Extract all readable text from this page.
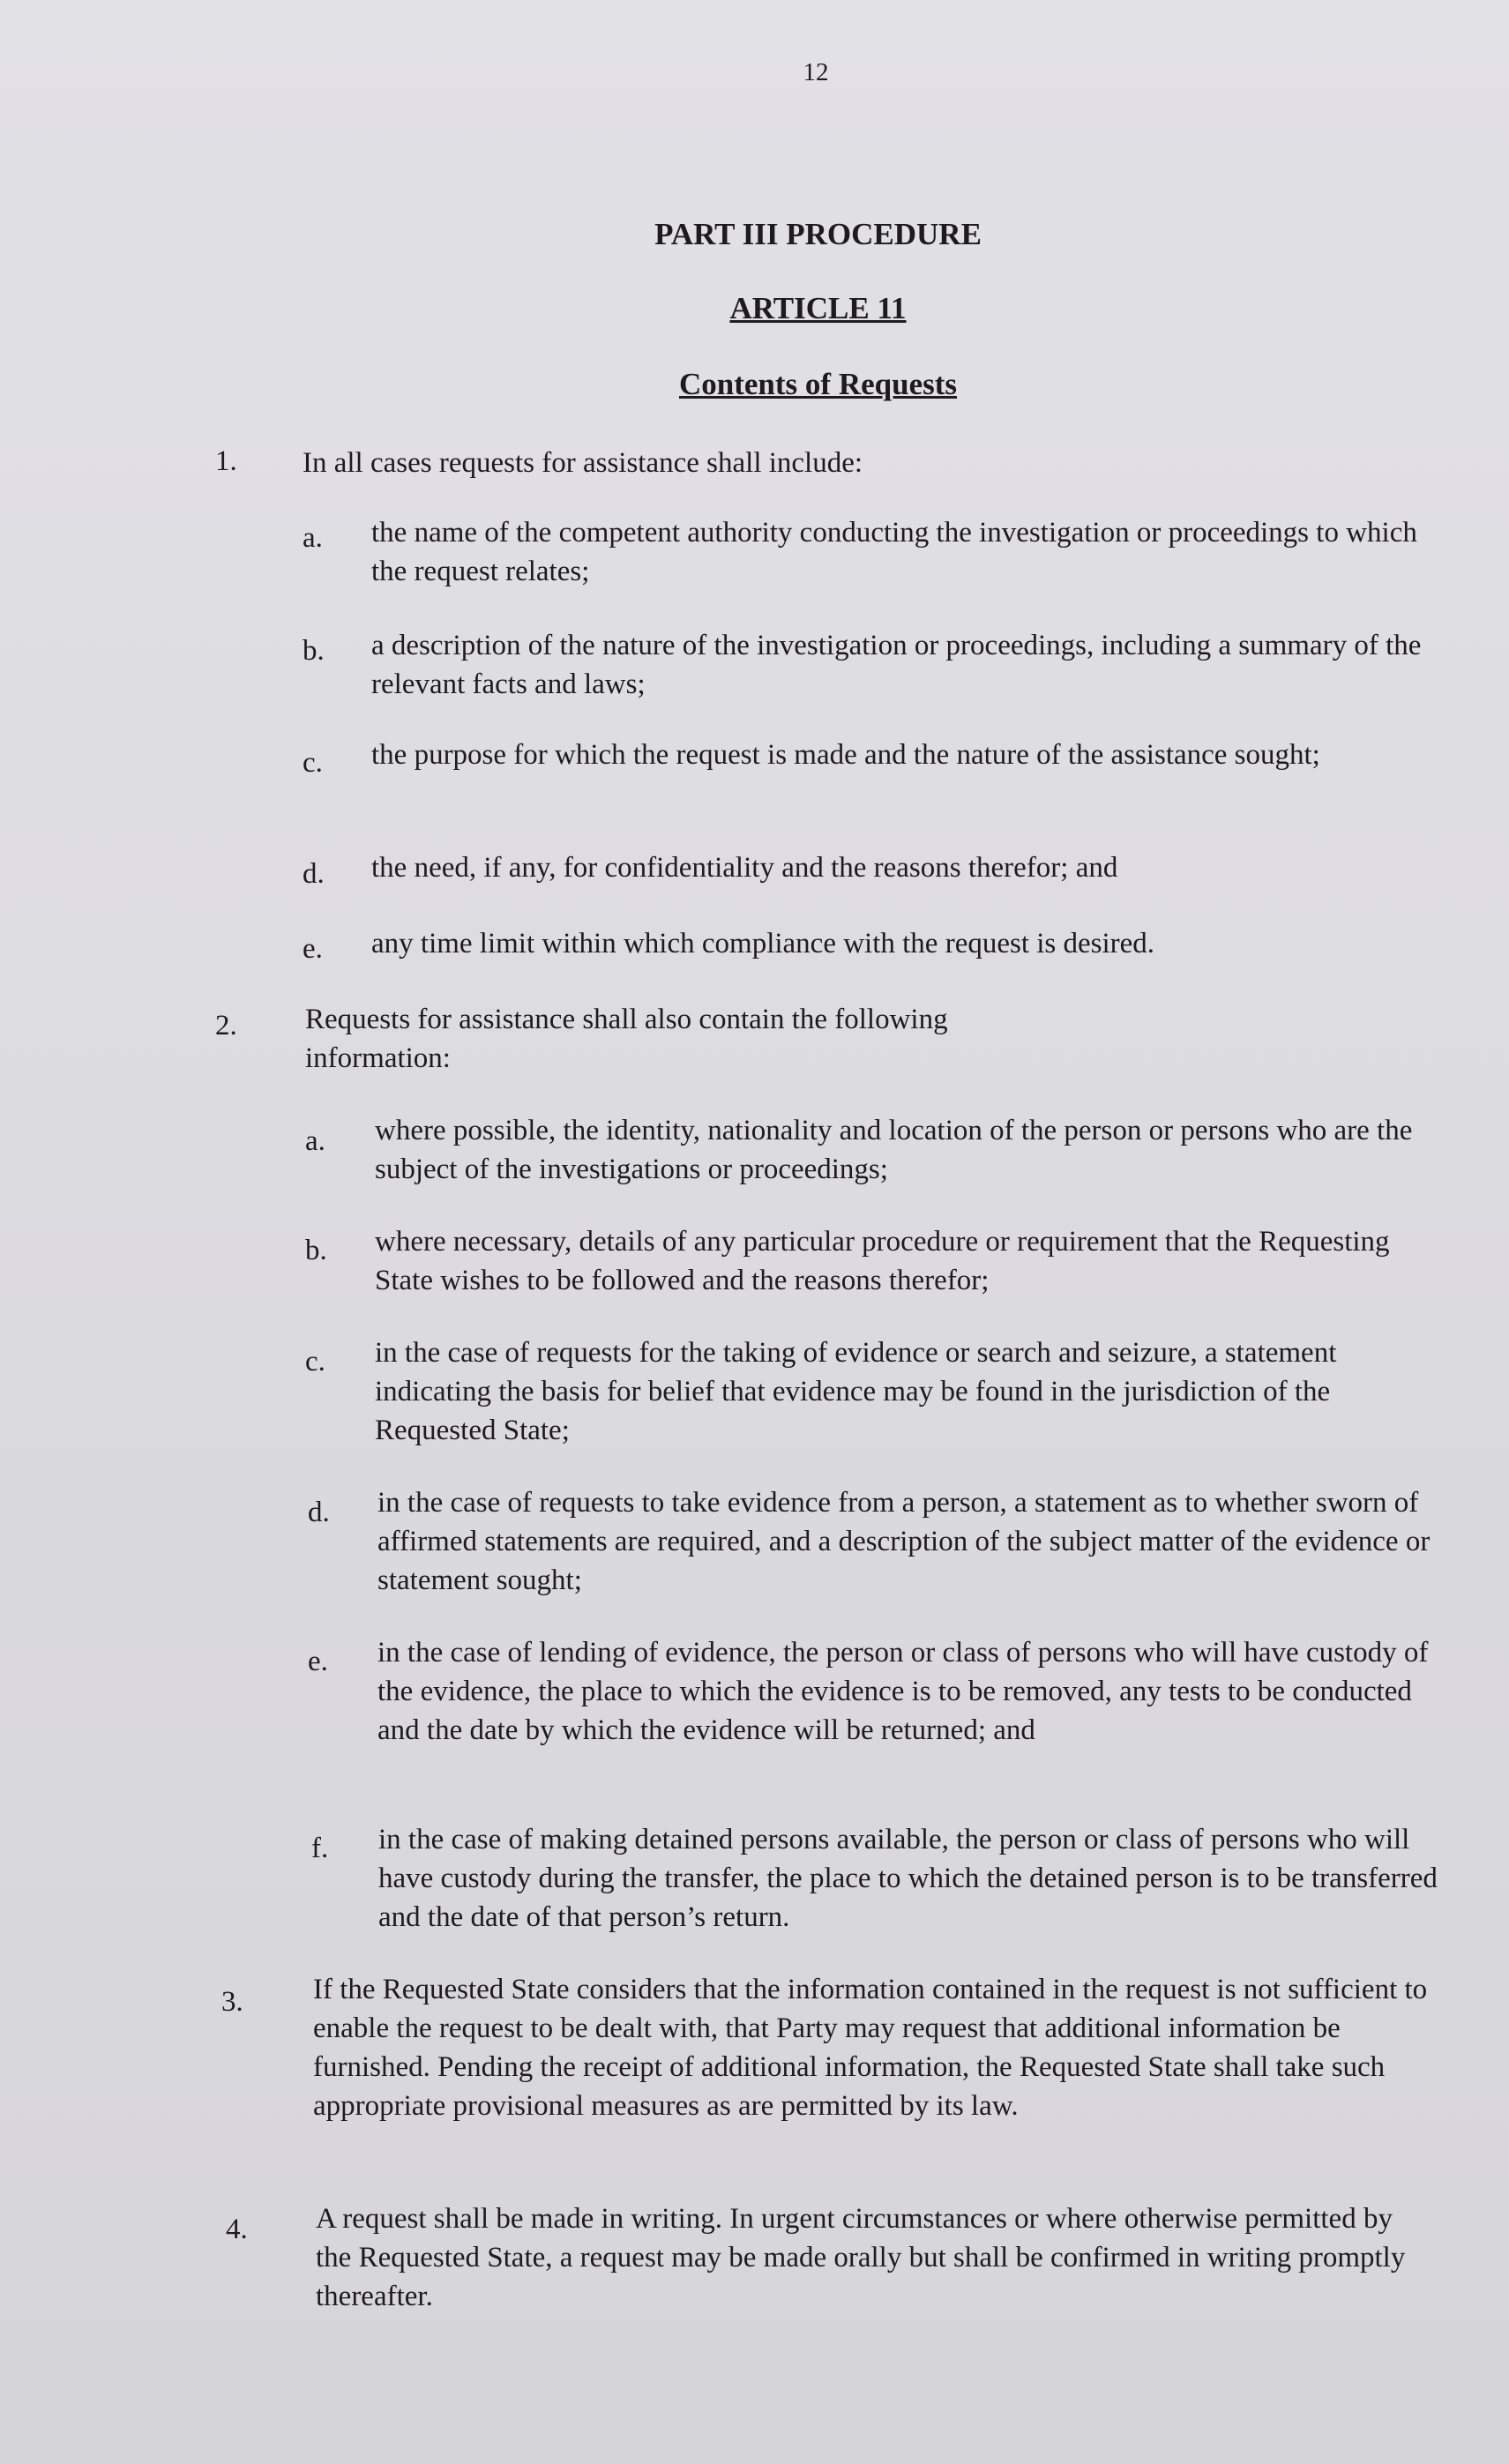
12
PART III PROCEDURE
ARTICLE 11
Contents of Requests
1. In all cases requests for assistance shall include:
a. the name of the competent authority conducting the investigation or proceedings to which the request relates;
b. a description of the nature of the investigation or proceedings, including a summary of the relevant facts and laws;
c. the purpose for which the request is made and the nature of the assistance sought;
d. the need, if any, for confidentiality and the reasons therefor; and
e. any time limit within which compliance with the request is desired.
2. Requests for assistance shall also contain the following information:
a. where possible, the identity, nationality and location of the person or persons who are the subject of the investigations or proceedings;
b. where necessary, details of any particular procedure or requirement that the Requesting State wishes to be followed and the reasons therefor;
c. in the case of requests for the taking of evidence or search and seizure, a statement indicating the basis for belief that evidence may be found in the jurisdiction of the Requested State;
d. in the case of requests to take evidence from a person, a statement as to whether sworn of affirmed statements are required, and a description of the subject matter of the evidence or statement sought;
e. in the case of lending of evidence, the person or class of persons who will have custody of the evidence, the place to which the evidence is to be removed, any tests to be conducted and the date by which the evidence will be returned; and
f. in the case of making detained persons available, the person or class of persons who will have custody during the transfer, the place to which the detained person is to be transferred and the date of that person’s return.
3. If the Requested State considers that the information contained in the request is not sufficient to enable the request to be dealt with, that Party may request that additional information be furnished. Pending the receipt of additional information, the Requested State shall take such appropriate provisional measures as are permitted by its law.
4. A request shall be made in writing. In urgent circumstances or where otherwise permitted by the Requested State, a request may be made orally but shall be confirmed in writing promptly thereafter.
